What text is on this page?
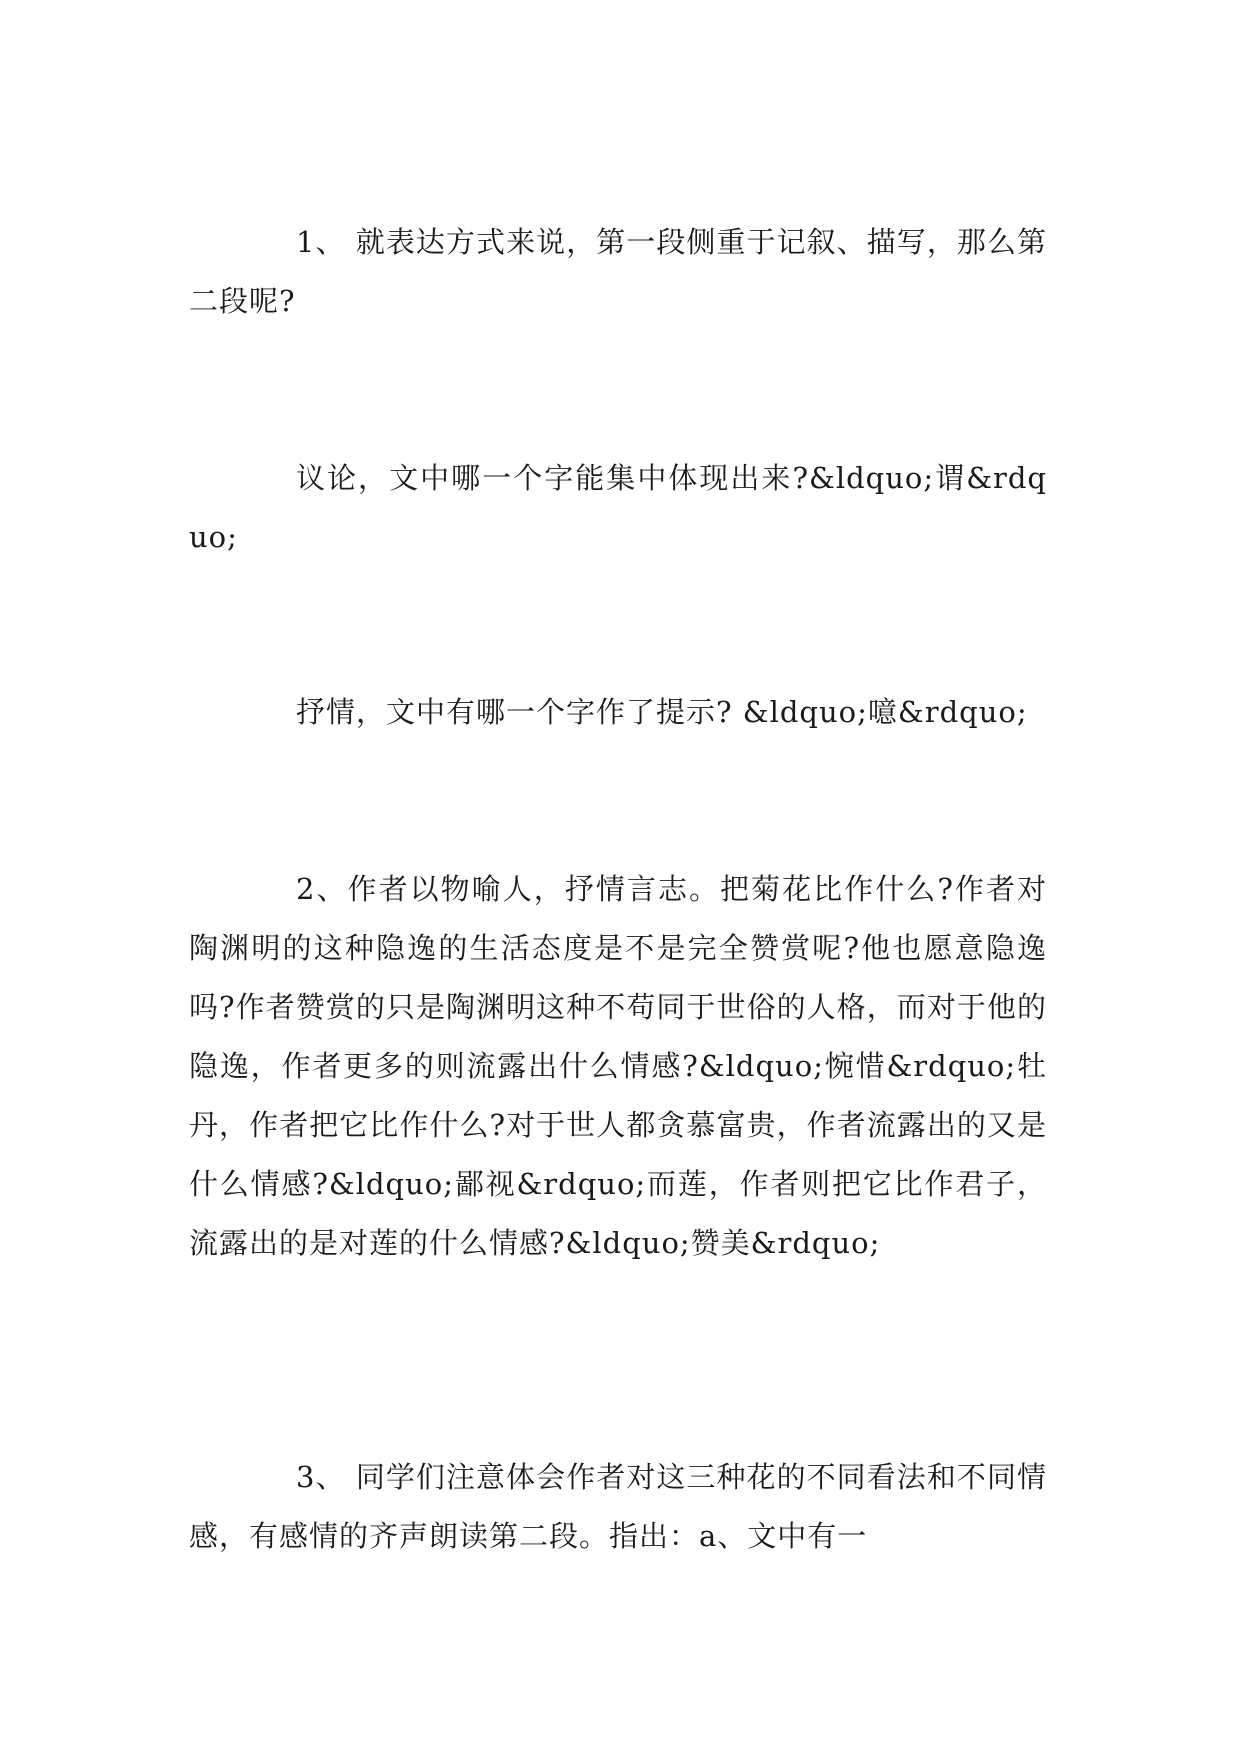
1、 就表达方式来说，第一段侧重于记叙、描写，那么第二段呢?

议论，文中哪一个字能集中体现出来?&ldquo;谓&rdquo;

抒情，文中有哪一个字作了提示? &ldquo;噫&rdquo;

2、作者以物喻人，抒情言志。把菊花比作什么?作者对陶渊明的这种隐逸的生活态度是不是完全赞赏呢?他也愿意隐逸吗?作者赞赏的只是陶渊明这种不苟同于世俗的人格，而对于他的隐逸，作者更多的则流露出什么情感?&ldquo;惋惜&rdquo;牡丹，作者把它比作什么?对于世人都贪慕富贵，作者流露出的又是什么情感?&ldquo;鄙视&rdquo;而莲，作者则把它比作君子，流露出的是对莲的什么情感?&ldquo;赞美&rdquo;

3、 同学们注意体会作者对这三种花的不同看法和不同情感，有感情的齐声朗读第二段。指出：a、文中有一
